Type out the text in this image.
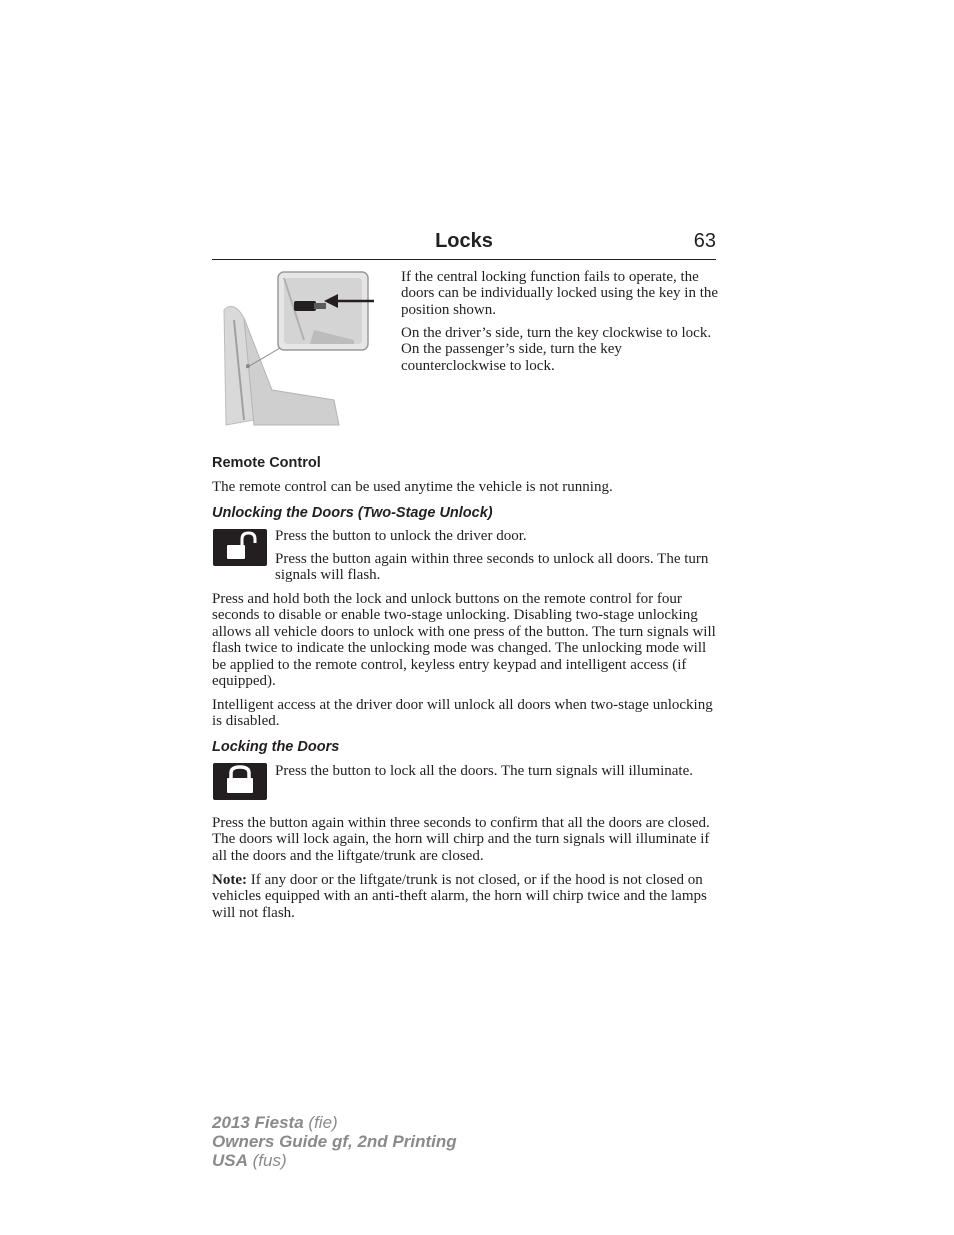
Locks	63
If the central locking function fails to operate, the doors can be individually locked using the key in the position shown.
On the driver’s side, turn the key clockwise to lock. On the passenger’s side, turn the key counterclockwise to lock.
Remote Control
The remote control can be used anytime the vehicle is not running.
Unlocking the Doors (Two-Stage Unlock)
Press the button to unlock the driver door.
Press the button again within three seconds to unlock all doors. The turn signals will flash.
Press and hold both the lock and unlock buttons on the remote control for four seconds to disable or enable two-stage unlocking. Disabling two-stage unlocking allows all vehicle doors to unlock with one press of the button. The turn signals will flash twice to indicate the unlocking mode was changed. The unlocking mode will be applied to the remote control, keyless entry keypad and intelligent access (if equipped).
Intelligent access at the driver door will unlock all doors when two-stage unlocking is disabled.
Locking the Doors
Press the button to lock all the doors. The turn signals will illuminate.
Press the button again within three seconds to confirm that all the doors are closed. The doors will lock again, the horn will chirp and the turn signals will illuminate if all the doors and the liftgate/trunk are closed.
Note: If any door or the liftgate/trunk is not closed, or if the hood is not closed on vehicles equipped with an anti-theft alarm, the horn will chirp twice and the lamps will not flash.
2013 Fiesta (fie)
Owners Guide gf, 2nd Printing
USA (fus)
